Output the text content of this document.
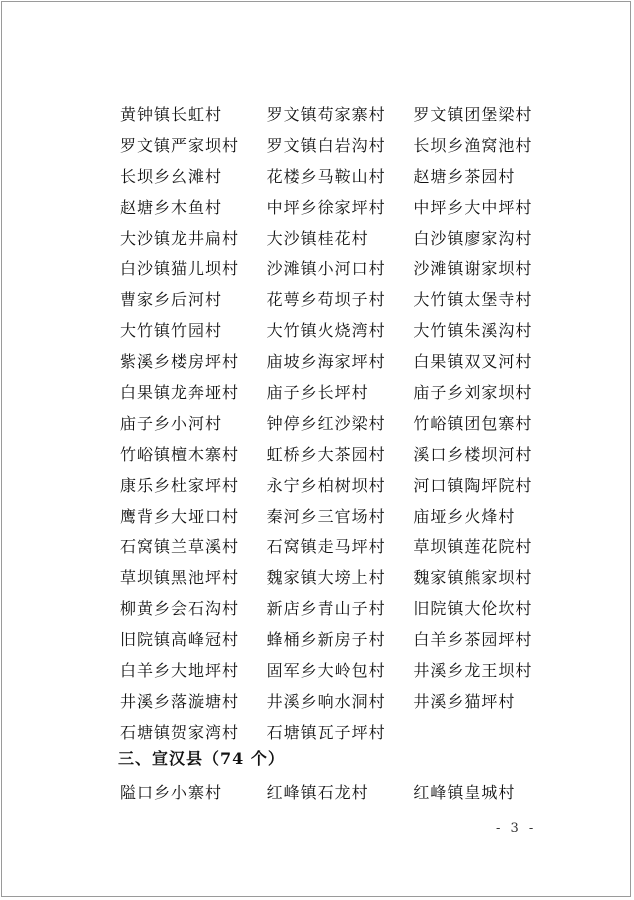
黄钟镇长虹村	罗文镇苟家寨村	罗文镇团堡梁村
罗文镇严家坝村	罗文镇白岩沟村	长坝乡渔窝池村
长坝乡幺滩村	花楼乡马鞍山村	赵塘乡茶园村
赵塘乡木鱼村	中坪乡徐家坪村	中坪乡大中坪村
大沙镇龙井扁村	大沙镇桂花村	白沙镇廖家沟村
白沙镇猫儿坝村	沙滩镇小河口村	沙滩镇谢家坝村
曹家乡后河村	花萼乡苟坝子村	大竹镇太堡寺村
大竹镇竹园村	大竹镇火烧湾村	大竹镇朱溪沟村
紫溪乡楼房坪村	庙坡乡海家坪村	白果镇双叉河村
白果镇龙奔垭村	庙子乡长坪村	庙子乡刘家坝村
庙子乡小河村	钟停乡红沙梁村	竹峪镇团包寨村
竹峪镇檀木寨村	虹桥乡大茶园村	溪口乡楼坝河村
康乐乡杜家坪村	永宁乡柏树坝村	河口镇陶坪院村
鹰背乡大垭口村	秦河乡三官场村	庙垭乡火烽村
石窝镇兰草溪村	石窝镇走马坪村	草坝镇莲花院村
草坝镇黑池坪村	魏家镇大塝上村	魏家镇熊家坝村
柳黄乡会石沟村	新店乡青山子村	旧院镇大伦坎村
旧院镇高峰冠村	蜂桶乡新房子村	白羊乡茶园坪村
白羊乡大地坪村	固军乡大岭包村	井溪乡龙王坝村
井溪乡落漩塘村	井溪乡响水洞村	井溪乡猫坪村
石塘镇贺家湾村	石塘镇瓦子坪村
三、宣汉县（74 个）
隘口乡小寨村	红峰镇石龙村	红峰镇皇城村
- 3 -
